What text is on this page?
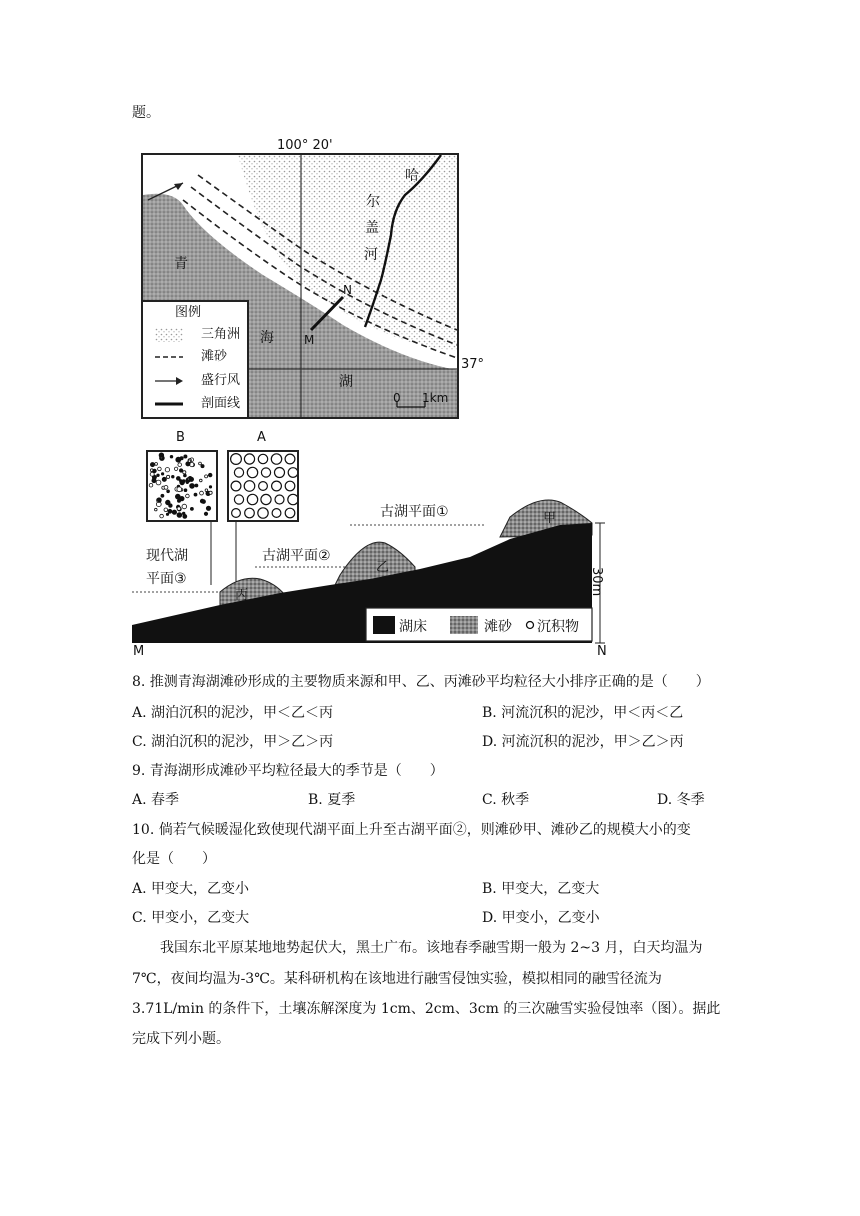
题。
100° 20'
37°
哈
尔
盖
河
青
海
湖
N
M
0 1km
图例
三角洲
滩砂
盛行风
剖面线
B	A
古湖平面①
古湖平面②
现代湖
平面③
甲
乙
丙	30m
M	N
湖床	滩砂 沉积物
8. 推测青海湖滩砂形成的主要物质来源和甲、乙、丙滩砂平均粒径大小排序正确的是（　　）
A. 湖泊沉积的泥沙，甲＜乙＜丙	B. 河流沉积的泥沙，甲＜丙＜乙
C. 湖泊沉积的泥沙，甲＞乙＞丙	D. 河流沉积的泥沙，甲＞乙＞丙
9. 青海湖形成滩砂平均粒径最大的季节是（　　）
A. 春季	B. 夏季	C. 秋季	D. 冬季
10. 倘若气候暖湿化致使现代湖平面上升至古湖平面②，则滩砂甲、滩砂乙的规模大小的变
化是（　　）
A. 甲变大，乙变小	B. 甲变大，乙变大
C. 甲变小，乙变大	D. 甲变小，乙变小
我国东北平原某地地势起伏大，黑土广布。该地春季融雪期一般为 2~3 月，白天均温为
7℃，夜间均温为-3℃。某科研机构在该地进行融雪侵蚀实验，模拟相同的融雪径流为
3.71L/min 的条件下，土壤冻解深度为 1cm、2cm、3cm 的三次融雪实验侵蚀率（图）。据此
完成下列小题。
